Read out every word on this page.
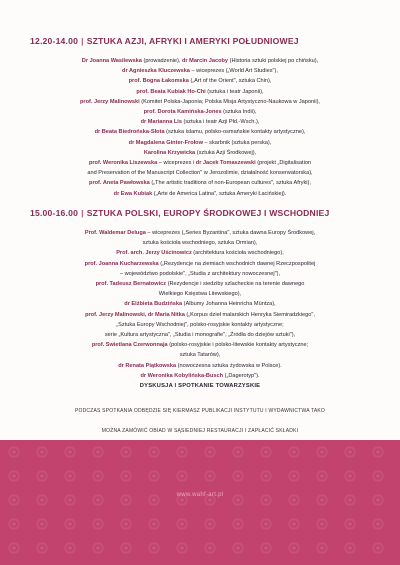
12.20-14.00 | SZTUKA AZJI, AFRYKI I AMERYKI POŁUDNIOWEJ
Dr Joanna Wasilewska (prowadzenie), dr Marcin Jacoby (Historia sztuki polskiej po chińsku),
dr Agnieszka Kluczewska – wiceprezes („World Art Studies"),
prof. Bogna Łakomska („Art of the Orient", sztuka Chin),
prof. Beata Kubiak Ho-Chi (sztuka i teatr Japonii),
prof. Jerzy Malinowski (Komitet Polska-Japonia; Polska Misja Artystyczno-Naukowa w Japonii),
prof. Dorota Kamińska-Jones (sztuka Indii),
dr Marianna Lis (sztuka i teatr Azji Płd.-Wsch.),
dr Beata Biedrońska-Słota (sztuka islamu, polsko-osmańskie kontakty artystyczne),
dr Magdalena Ginter-Frołow – skarbnik (sztuka perska),
Karolina Krzywicka (sztuka Azji Środkowej),
prof. Weronika Liszewska – wiceprezes i dr Jacek Tomaszewski (projekt „Digitalisation
and Preservation of the Manuscript Collection" w Jerozolimie, działalność konserwatorska),
prof. Aneta Pawłowska („The artistic traditions of non-European cultures", sztuka Afryki),
dr Ewa Kubiak („Arte de America Latina", sztuka Ameryki Łacińskiej).
15.00-16.00 | SZTUKA POLSKI, EUROPY ŚRODKOWEJ I WSCHODNIEJ
Prof. Waldemar Deluga – wiceprezes („Series Byzantina", sztuka dawna Europy Środkowej,
sztuka kościoła wschodniego, sztuka Ormian),
Prof. arch. Jerzy Uścinowicz (architektura kościoła wschodniego),
prof. Joanna Kucharzewska („Rezydencje na ziemiach wschodnich dawnej Rzeczpospolitej
– województwo podolskie", „Studia z architektury nowoczesnej"),
prof. Tadeusz Bernatowicz (Rezydencje i siedziby szlacheckie na terenie dawnego
Wielkiego Księstwa Litewskiego),
dr Elżbieta Budzińska (Albumy Johanna Heinricha Müntza),
prof. Jerzy Malinowski, dr Maria Nitka („Korpus dzieł malarskich Henryka Siemiradzkiego",
„Sztuka Europy Wschodniej", polsko-rosyjskie kontakty artystyczne;
serie „Kultura artystyczna", „Studia i monografie", „Źródła do dziejów sztuki"),
prof. Swietlana Czerwonnaja (polsko-rosyjskie i polsko-litewskie kontakty artystyczne;
sztuka Tatarów),
dr Renata Piątkowska (nowoczesna sztuka żydowska w Polsce).
dr Weronika Kobylińska-Busch („Dagerotyp").
DYSKUSJA I SPOTKANIE TOWARZYSKIE
PODCZAS SPOTKANIA ODBĘDZIE SIĘ KIERMASZ PUBLIKACJI INSTYTUTU I WYDAWNICTWA TAKO
MOŻNA ZAMÓWIĆ OBIAD W SĄSIEDNIEJ RESTAURACJI I ZAPŁACIĆ SKŁADKI
www.wahf-art.pl
